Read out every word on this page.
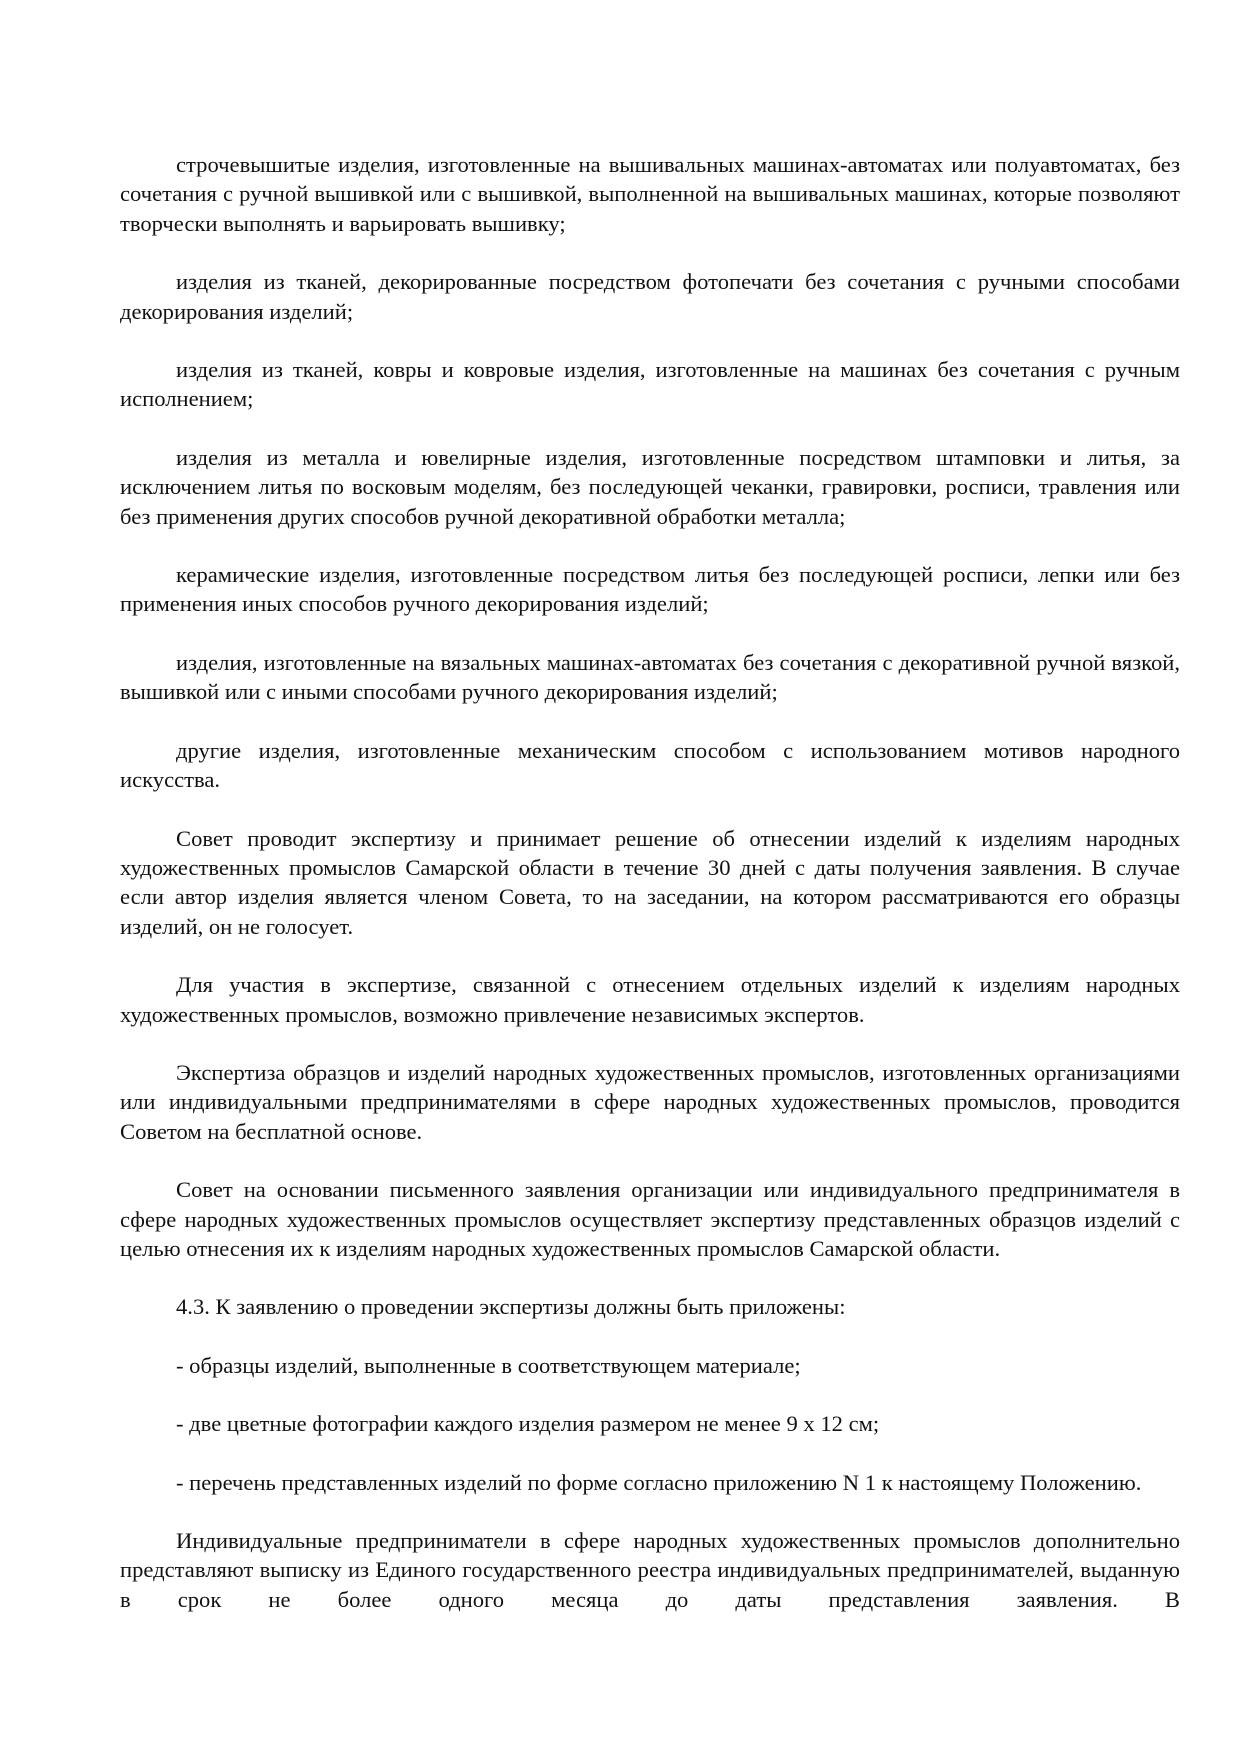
строчевышитые изделия, изготовленные на вышивальных машинах-автоматах или полуавтоматах, без сочетания с ручной вышивкой или с вышивкой, выполненной на вышивальных машинах, которые позволяют творчески выполнять и варьировать вышивку;

изделия из тканей, декорированные посредством фотопечати без сочетания с ручными способами декорирования изделий;

изделия из тканей, ковры и ковровые изделия, изготовленные на машинах без сочетания с ручным исполнением;

изделия из металла и ювелирные изделия, изготовленные посредством штамповки и литья, за исключением литья по восковым моделям, без последующей чеканки, гравировки, росписи, травления или без применения других способов ручной декоративной обработки металла;

керамические изделия, изготовленные посредством литья без последующей росписи, лепки или без применения иных способов ручного декорирования изделий;

изделия, изготовленные на вязальных машинах-автоматах без сочетания с декоративной ручной вязкой, вышивкой или с иными способами ручного декорирования изделий;

другие изделия, изготовленные механическим способом с использованием мотивов народного искусства.

Совет проводит экспертизу и принимает решение об отнесении изделий к изделиям народных художественных промыслов Самарской области в течение 30 дней с даты получения заявления. В случае если автор изделия является членом Совета, то на заседании, на котором рассматриваются его образцы изделий, он не голосует.

Для участия в экспертизе, связанной с отнесением отдельных изделий к изделиям народных художественных промыслов, возможно привлечение независимых экспертов.

Экспертиза образцов и изделий народных художественных промыслов, изготовленных организациями или индивидуальными предпринимателями в сфере народных художественных промыслов, проводится Советом на бесплатной основе.

Совет на основании письменного заявления организации или индивидуального предпринимателя в сфере народных художественных промыслов осуществляет экспертизу представленных образцов изделий с целью отнесения их к изделиям народных художественных промыслов Самарской области.

4.3. К заявлению о проведении экспертизы должны быть приложены:

- образцы изделий, выполненные в соответствующем материале;

- две цветные фотографии каждого изделия размером не менее 9 х 12 см;

- перечень представленных изделий по форме согласно приложению N 1 к настоящему Положению.

Индивидуальные предприниматели в сфере народных художественных промыслов дополнительно представляют выписку из Единого государственного реестра индивидуальных предпринимателей, выданную в срок не более одного месяца до даты представления заявления. В
